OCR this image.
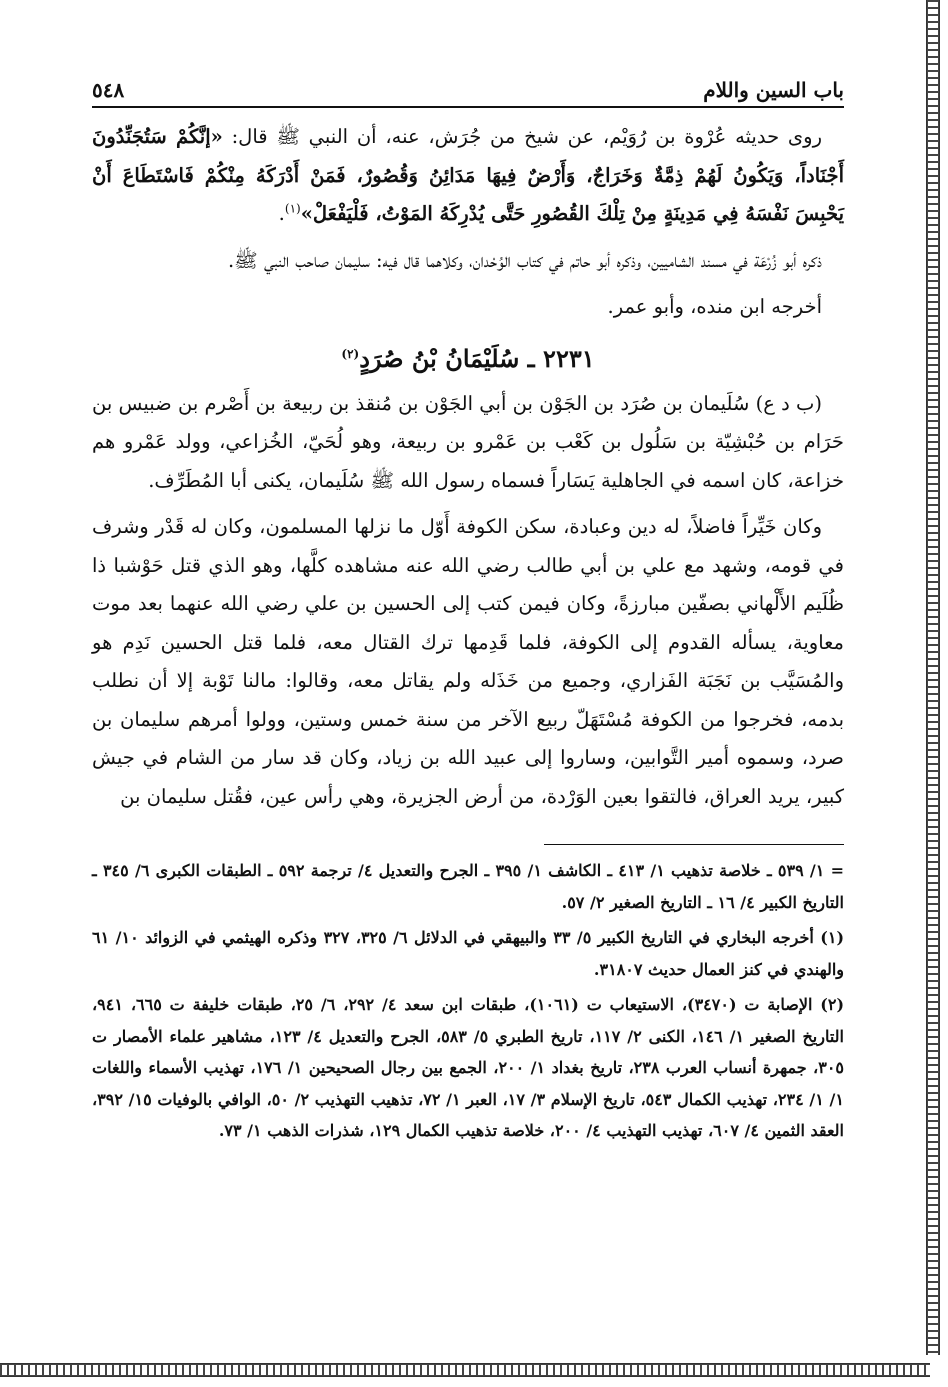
باب السين واللام
٥٤٨

روى حديثه عُرْوة بن رُوَيْم، عن شيخ من جُرَش، عنه، أن النبي ﷺ قال: «إنَّكُمْ سَتُجَنِّدُونَ أَجْنَاداً، وَيَكُونُ لَهُمْ ذِمَّةٌ وَخَرَاجٌ، وَأَرْضٌ فِيهَا مَدَائِنُ وَقُصُورٌ، فَمَنْ أَدْرَكَهُ مِنْكُمْ فَاسْتَطَاعَ أَنْ يَحْبِسَ نَفْسَهُ فِي مَدِينَةٍ مِنْ تِلْكَ القُصُورِ حَتَّى يُدْرِكَهُ المَوْتُ، فَلْيَفْعَلْ»$^{(١)}$.

ذكره أبو زُرْعَة في مسند الشاميين، وذكره أبو حاتم في كتاب الوُحْدان، وكلاهما قال فيه: سليمان صاحب النبي ﷺ.

أخرجه ابن منده، وأبو عمر.

٢٢٣١ ـ سُلَيْمَانُ بْنُ صُرَدٍ$^{(٢)}$

(ب د ع) سُلَيمان بن صُرَد بن الجَوْن بن أبي الجَوْن بن مُنقذ بن ربيعة بن أَصْرم بن ضبيس بن حَرَام بن حُبْشِيّة بن سَلُول بن كَعْب بن عَمْرو بن ربيعة، وهو لُحَيّ، الخُزاعي، وولد عَمْرو هم خزاعة، كان اسمه في الجاهلية يَسَاراً فسماه رسول الله ﷺ سُلَيمان، يكنى أبا المُطَرِّف.

وكان خَيِّراً فاضلاً، له دين وعبادة، سكن الكوفة أَوّل ما نزلها المسلمون، وكان له قَدْر وشرف في قومه، وشهد مع علي بن أبي طالب رضي الله عنه مشاهده كلَّها، وهو الذي قتل حَوْشبا ذا ظُلَيم الأَلْهاني بصفّين مبارزةً، وكان فيمن كتب إلى الحسين بن علي رضي الله عنهما بعد موت معاوية، يسأله القدوم إلى الكوفة، فلما قَدِمها ترك القتال معه، فلما قتل الحسين نَدِم هو والمُسَيَّب بن نَجَبَة الفَزاري، وجميع من خَذَله ولم يقاتل معه، وقالوا: مالنا تَوْبة إلا أن نطلب بدمه، فخرجوا من الكوفة مُسْتَهَلّ ربيع الآخر من سنة خمس وستين، وولوا أمرهم سليمان بن صرد، وسموه أمير التَّوابين، وساروا إلى عبيد الله بن زياد، وكان قد سار من الشام في جيش كبير، يريد العراق، فالتقوا بعين الوَرْدة، من أرض الجزيرة، وهي رأس عين، فقُتل سليمان بن

= ١/ ٥٣٩ ـ خلاصة تذهيب ١/ ٤١٣ ـ الكاشف ١/ ٣٩٥ ـ الجرح والتعديل ٤/ ترجمة ٥٩٢ ـ الطبقات الكبرى ٦/ ٣٤٥ ـ التاريخ الكبير ٤/ ١٦ ـ التاريخ الصغير ٢/ ٥٧.

(١) أخرجه البخاري في التاريخ الكبير ٥/ ٣٣ والبيهقي في الدلائل ٦/ ٣٢٥، ٣٢٧ وذكره الهيثمي في الزوائد ١٠/ ٦١ والهندي في كنز العمال حديث ٣١٨٠٧.

(٢) الإصابة ت (٣٤٧٠)، الاستيعاب ت (١٠٦١)، طبقات ابن سعد ٤/ ٢٩٢، ٦/ ٢٥، طبقات خليفة ت ٦٦٥، ٩٤١، التاريخ الصغير ١/ ١٤٦، الكنى ٢/ ١١٧، تاريخ الطبري ٥/ ٥٨٣، الجرح والتعديل ٤/ ١٢٣، مشاهير علماء الأمصار ت ٣٠٥، جمهرة أنساب العرب ٢٣٨، تاريخ بغداد ١/ ٢٠٠، الجمع بين رجال الصحيحين ١/ ١٧٦، تهذيب الأسماء واللغات ١/ ١/ ٢٣٤، تهذيب الكمال ٥٤٣، تاريخ الإسلام ٣/ ١٧، العبر ١/ ٧٢، تذهيب التهذيب ٢/ ٥٠، الوافي بالوفيات ١٥/ ٣٩٢، العقد الثمين ٤/ ٦٠٧، تهذيب التهذيب ٤/ ٢٠٠، خلاصة تذهيب الكمال ١٢٩، شذرات الذهب ١/ ٧٣.
